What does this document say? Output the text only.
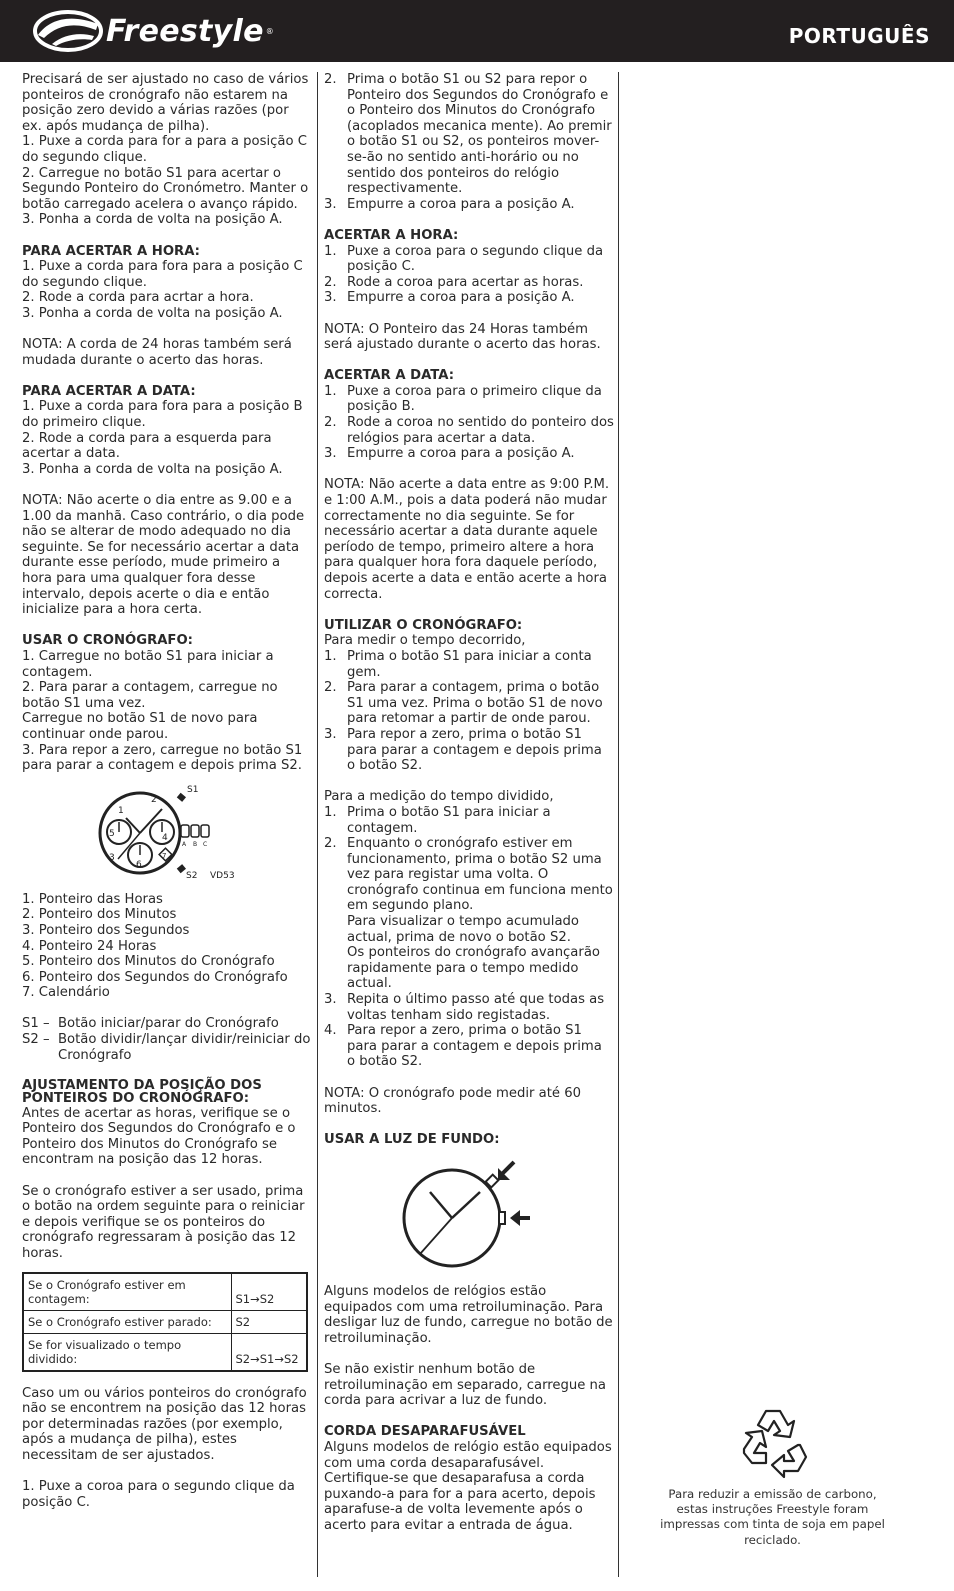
Freestyle ®	PORTUGUÊS
Precisará de ser ajustado no caso de vários ponteiros de cronógrafo não estarem na posição zero devido a várias razões (por ex. após mudança de pilha).
1. Puxe a corda para for a para a posição C do segundo clique.
2. Carregue no botão S1 para acertar o Segundo Ponteiro do Cronómetro. Manter o botão carregado acelera o avanço rápido.
3. Ponha a corda de volta na posição A.
PARA ACERTAR A HORA:
1. Puxe a corda para fora para a posição C do segundo clique.
2. Rode a corda para acrtar a hora.
3. Ponha a corda de volta na posição A.
NOTA: A corda de 24 horas também será mudada durante o acerto das horas.
PARA ACERTAR A DATA:
1. Puxe a corda para fora para a posição B do primeiro clique.
2. Rode a corda para a esquerda para acertar a data.
3. Ponha a corda de volta na posição A.
NOTA: Não acerte o dia entre as 9.00 e a 1.00 da manhã. Caso contrário, o dia pode não se alterar de modo adequado no dia seguinte. Se for necessário acertar a data durante esse período, mude primeiro a hora para uma qualquer fora desse intervalo, depois acerte o dia e então inicialize para a hora certa.
USAR O CRONÓGRAFO:
1. Carregue no botão S1 para iniciar a contagem.
2. Para parar a contagem, carregue no botão S1 uma vez.
Carregue no botão S1 de novo para continuar onde parou.
3. Para repor a zero, carregue no botão S1 para parar a contagem e depois prima S2.
S1
S2 VD53
1
2
3
4
5
6
7
A B C
1. Ponteiro das Horas
2. Ponteiro dos Minutos
3. Ponteiro dos Segundos
4. Ponteiro 24 Horas
5. Ponteiro dos Minutos do Cronógrafo
6. Ponteiro dos Segundos do Cronógrafo
7. Calendário
S1 – Botão iniciar/parar do Cronógrafo
S2 – Botão dividir/lançar dividir/reiniciar do Cronógrafo
AJUSTAMENTO DA POSIÇÃO DOS PONTEIROS DO CRONÓGRAFO:
Antes de acertar as horas, verifique se o Ponteiro dos Segundos do Cronógrafo e o Ponteiro dos Minutos do Cronógrafo se encontram na posição das 12 horas.
Se o cronógrafo estiver a ser usado, prima o botão na ordem seguinte para o reiniciar e depois verifique se os ponteiros do cronógrafo regressaram à posição das 12 horas.
Se o Cronógrafo estiver em contagem:	S1→S2
Se o Cronógrafo estiver parado:	S2
Se for visualizado o tempo dividido:	S2→S1→S2
Caso um ou vários ponteiros do cronógrafo não se encontrem na posição das 12 horas por determinadas razões (por exemplo, após a mudança de pilha), estes necessitam de ser ajustados.
1. Puxe a coroa para o segundo clique da posição C.
2. Prima o botão S1 ou S2 para repor o Ponteiro dos Segundos do Cronógrafo e o Ponteiro dos Minutos do Cronógrafo (acoplados mecanica mente). Ao premir o botão S1 ou S2, os ponteiros mover-se-ão no sentido anti-horário ou no sentido dos ponteiros do relógio respectivamente.
3. Empurre a coroa para a posição A.
ACERTAR A HORA:
1. Puxe a coroa para o segundo clique da posição C.
2. Rode a coroa para acertar as horas.
3. Empurre a coroa para a posição A.
NOTA: O Ponteiro das 24 Horas também será ajustado durante o acerto das horas.
ACERTAR A DATA:
1. Puxe a coroa para o primeiro clique da posição B.
2. Rode a coroa no sentido do ponteiro dos relógios para acertar a data.
3. Empurre a coroa para a posição A.
NOTA: Não acerte a data entre as 9:00 P.M. e 1:00 A.M., pois a data poderá não mudar correctamente no dia seguinte. Se for necessário acertar a data durante aquele período de tempo, primeiro altere a hora para qualquer hora fora daquele período, depois acerte a data e então acerte a hora correcta.
UTILIZAR O CRONÓGRAFO:
Para medir o tempo decorrido,
1. Prima o botão S1 para iniciar a conta gem.
2. Para parar a contagem, prima o botão S1 uma vez. Prima o botão S1 de novo para retomar a partir de onde parou.
3. Para repor a zero, prima o botão S1 para parar a contagem e depois prima o botão S2.
Para a medição do tempo dividido,
1. Prima o botão S1 para iniciar a contagem.
2. Enquanto o cronógrafo estiver em funcionamento, prima o botão S2 uma vez para registar uma volta. O cronógrafo continua em funciona mento em segundo plano.
Para visualizar o tempo acumulado actual, prima de novo o botão S2.
Os ponteiros do cronógrafo avançarão rapidamente para o tempo medido actual.
3. Repita o último passo até que todas as voltas tenham sido registadas.
4. Para repor a zero, prima o botão S1 para parar a contagem e depois prima o botão S2.
NOTA: O cronógrafo pode medir até 60 minutos.
USAR A LUZ DE FUNDO:
Alguns modelos de relógios estão equipados com uma retroiluminação. Para desligar luz de fundo, carregue no botão de retroiluminação.
Se não existir nenhum botão de retroiluminação em separado, carregue na corda para acrivar a luz de fundo.
CORDA DESAPARAFUSÁVEL
Alguns modelos de relógio estão equipados com uma corda desaparafusável. Certifique-se que desaparafusa a corda puxando-a para for a para acerto, depois aparafuse-a de volta levemente após o acerto para evitar a entrada de água.
Para reduzir a emissão de carbono, estas instruções Freestyle foram impressas com tinta de soja em papel reciclado.
